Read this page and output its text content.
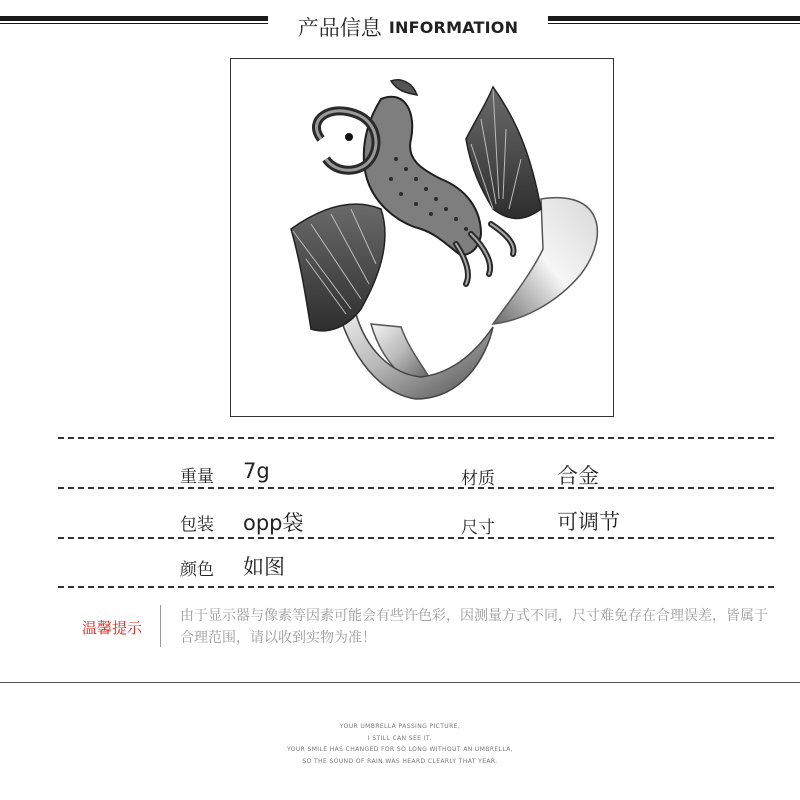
产品信息 INFORMATION
重量 7g	材质	合金
包装 opp袋	尺寸	可调节
颜色 如图
温馨提示
由于显示器与像素等因素可能会有些许色彩，因测量方式不同，尺寸难免存在合理误差，皆属于合理范围，请以收到实物为准！
YOUR UMBRELLA PASSING PICTURE,
I STILL CAN SEE IT,
YOUR SMILE HAS CHANGED FOR SO LONG WITHOUT AN UMBRELLA,
SO THE SOUND OF RAIN WAS HEARD CLEARLY THAT YEAR.
